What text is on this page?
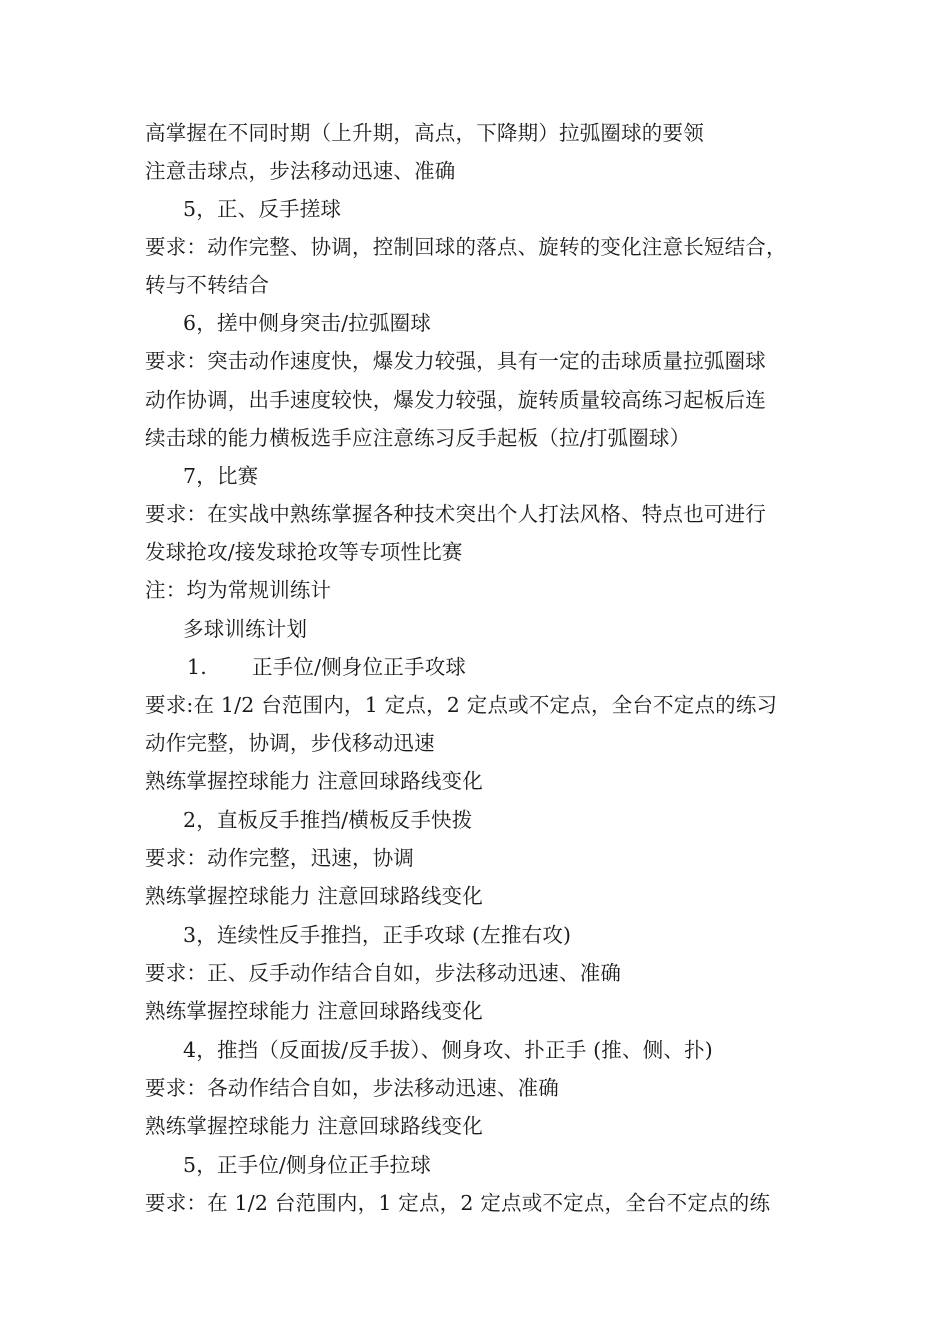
高掌握在不同时期（上升期，高点，下降期）拉弧圈球的要领
注意击球点，步法移动迅速、准确
5，正、反手搓球
要求：动作完整、协调，控制回球的落点、旋转的变化注意长短结合，
转与不转结合
6，搓中侧身突击/拉弧圈球
要求：突击动作速度快，爆发力较强，具有一定的击球质量拉弧圈球
动作协调，出手速度较快，爆发力较强，旋转质量较高练习起板后连
续击球的能力横板选手应注意练习反手起板（拉/打弧圈球）
7，比赛
要求：在实战中熟练掌握各种技术突出个人打法风格、特点也可进行
发球抢攻/接发球抢攻等专项性比赛
注：均为常规训练计
多球训练计划
1. 正手位/侧身位正手攻球
要求:在 1/2 台范围内，1 定点，2 定点或不定点，全台不定点的练习
动作完整，协调，步伐移动迅速
熟练掌握控球能力 注意回球路线变化
2，直板反手推挡/横板反手快拨
要求：动作完整，迅速，协调
熟练掌握控球能力 注意回球路线变化
3，连续性反手推挡，正手攻球 (左推右攻)
要求：正、反手动作结合自如，步法移动迅速、准确
熟练掌握控球能力 注意回球路线变化
4，推挡（反面拔/反手拔）、侧身攻、扑正手 (推、侧、扑)
要求：各动作结合自如，步法移动迅速、准确
熟练掌握控球能力 注意回球路线变化
5，正手位/侧身位正手拉球
要求：在 1/2 台范围内，1 定点，2 定点或不定点，全台不定点的练
